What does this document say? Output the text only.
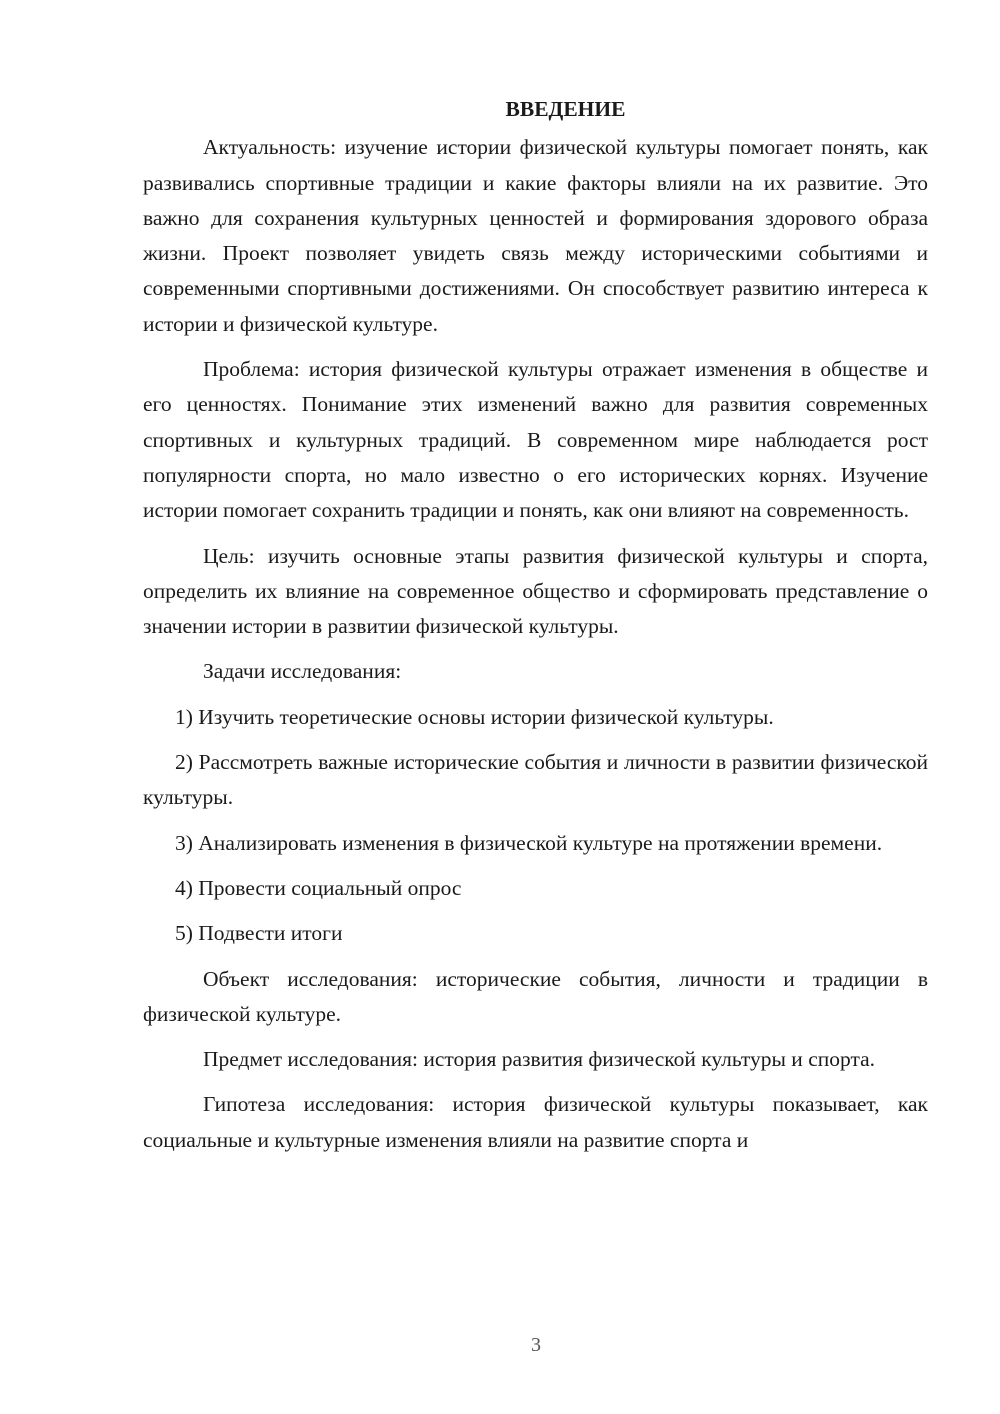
ВВЕДЕНИЕ

Актуальность: изучение истории физической культуры помогает понять, как развивались спортивные традиции и какие факторы влияли на их развитие. Это важно для сохранения культурных ценностей и формирования здорового образа жизни. Проект позволяет увидеть связь между историческими событиями и современными спортивными достижениями. Он способствует развитию интереса к истории и физической культуре.

Проблема: история физической культуры отражает изменения в обществе и его ценностях. Понимание этих изменений важно для развития современных спортивных и культурных традиций. В современном мире наблюдается рост популярности спорта, но мало известно о его исторических корнях. Изучение истории помогает сохранить традиции и понять, как они влияют на современность.

Цель: изучить основные этапы развития физической культуры и спорта, определить их влияние на современное общество и сформировать представление о значении истории в развитии физической культуры.

Задачи исследования:

1) Изучить теоретические основы истории физической культуры.

2) Рассмотреть важные исторические события и личности в развитии физической культуры.

3) Анализировать изменения в физической культуре на протяжении времени.

4) Провести социальный опрос

5) Подвести итоги

Объект исследования: исторические события, личности и традиции в физической культуре.

Предмет исследования: история развития физической культуры и спорта.

Гипотеза исследования: история физической культуры показывает, как социальные и культурные изменения влияли на развитие спорта и

3
